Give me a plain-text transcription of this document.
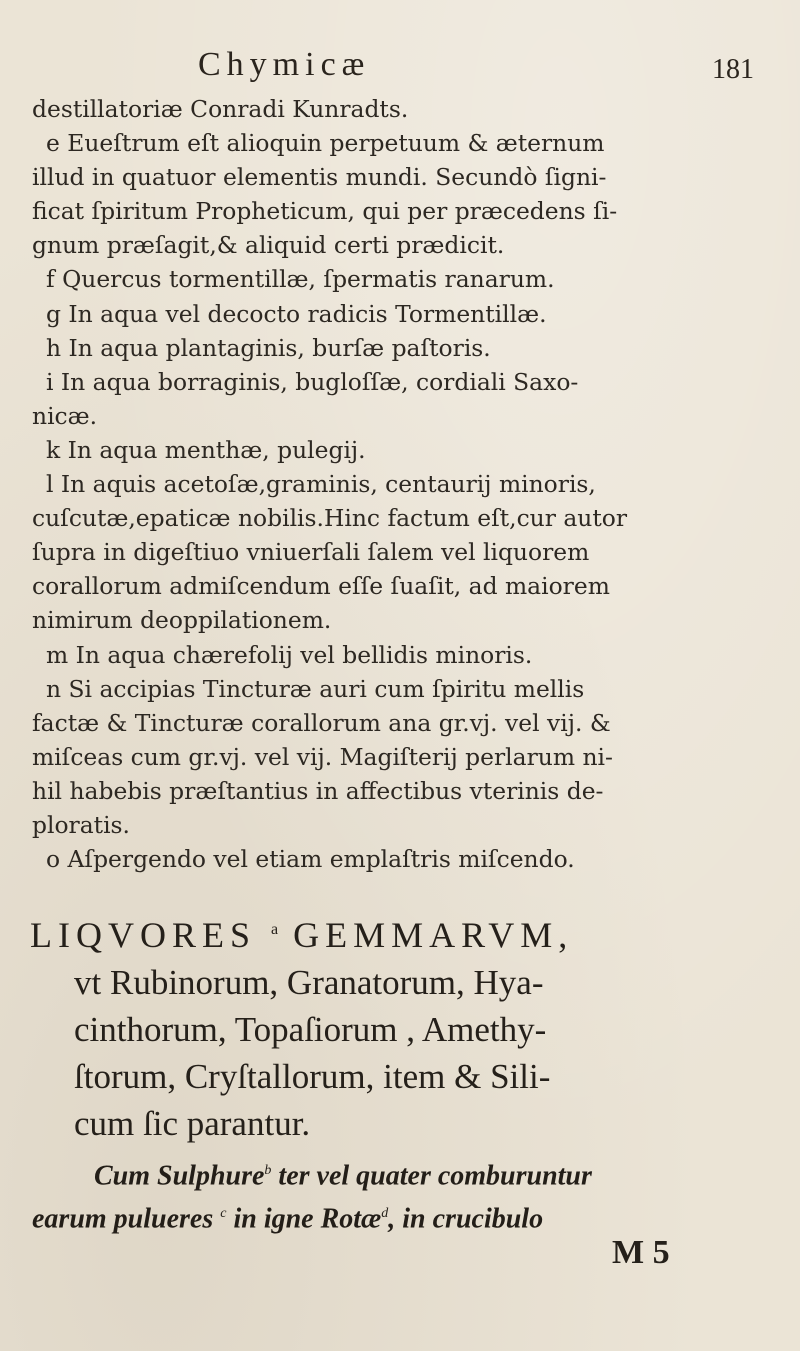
Chymicæ	181
destillatoriæ Conradi Kunradts.
e Eueſtrum eſt alioquin perpetuum & æternum
illud in quatuor elementis mundi. Secundò ſigni-
ficat ſpiritum Propheticum, qui per præcedens ſi-
gnum præſagit,& aliquid certi prædicit.
f Quercus tormentillæ, ſpermatis ranarum.
g In aqua vel decocto radicis Tormentillæ.
h In aqua plantaginis, burſæ paſtoris.
i In aqua borraginis, bugloſſæ, cordiali Saxo-
nicæ.
k In aqua menthæ, pulegij.
l In aquis acetoſæ,graminis, centaurij minoris,
cuſcutæ,epaticæ nobilis.Hinc factum eſt,cur autor
ſupra in digeſtiuo vniuerſali ſalem vel liquorem
corallorum admiſcendum eſſe ſuaſit, ad maiorem
nimirum deoppilationem.
m In aqua chærefolij vel bellidis minoris.
n Si accipias Tincturæ auri cum ſpiritu mellis
factæ & Tincturæ corallorum ana gr.vj. vel vij. &
miſceas cum gr.vj. vel vij. Magiſterij perlarum ni-
hil habebis præſtantius in affectibus vterinis de-
ploratis.
o Aſpergendo vel etiam emplaſtris miſcendo.
LIQVORES $^a$ GEMMARVM,
vt Rubinorum, Granatorum, Hya-
cinthorum, Topaſiorum , Amethy-
ſtorum, Cryſtallorum, item & Sili-
cum ſic parantur.
Cum Sulphure$^b$ ter vel quater comburuntur
earum pulueres $^c$ in igne Rotæ$^d$, in crucibulo
M 5
